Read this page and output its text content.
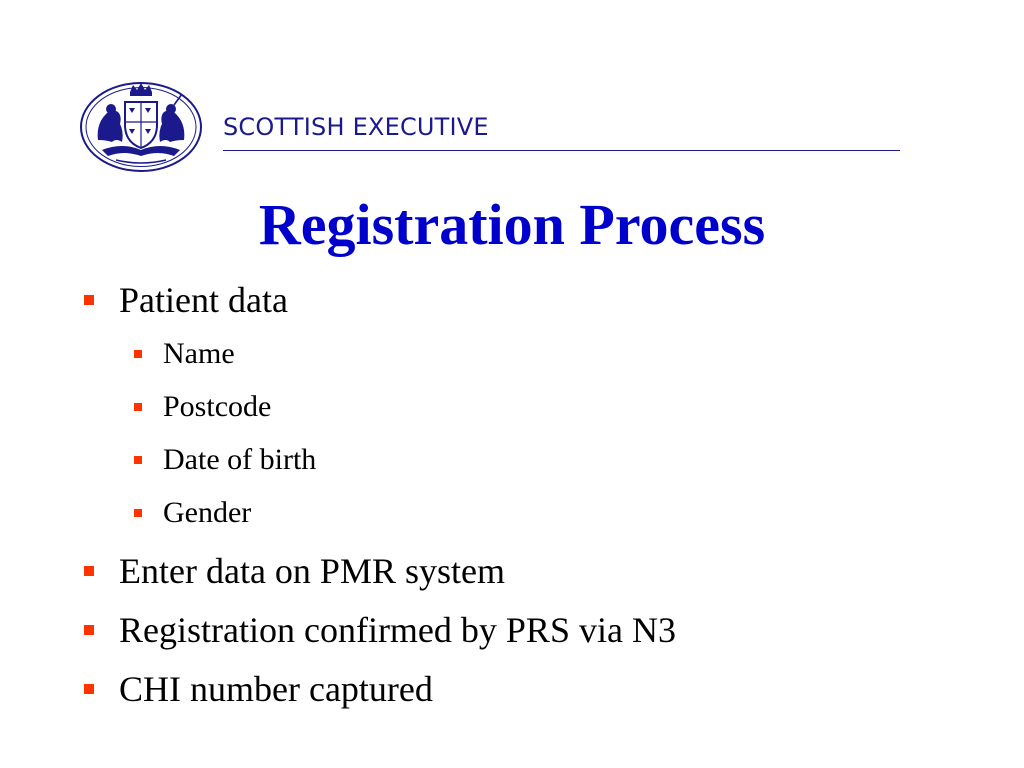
SCOTTISH EXECUTIVE
Registration Process
Patient data
Name
Postcode
Date of birth
Gender
Enter data on PMR system
Registration confirmed by PRS via N3
CHI number captured
